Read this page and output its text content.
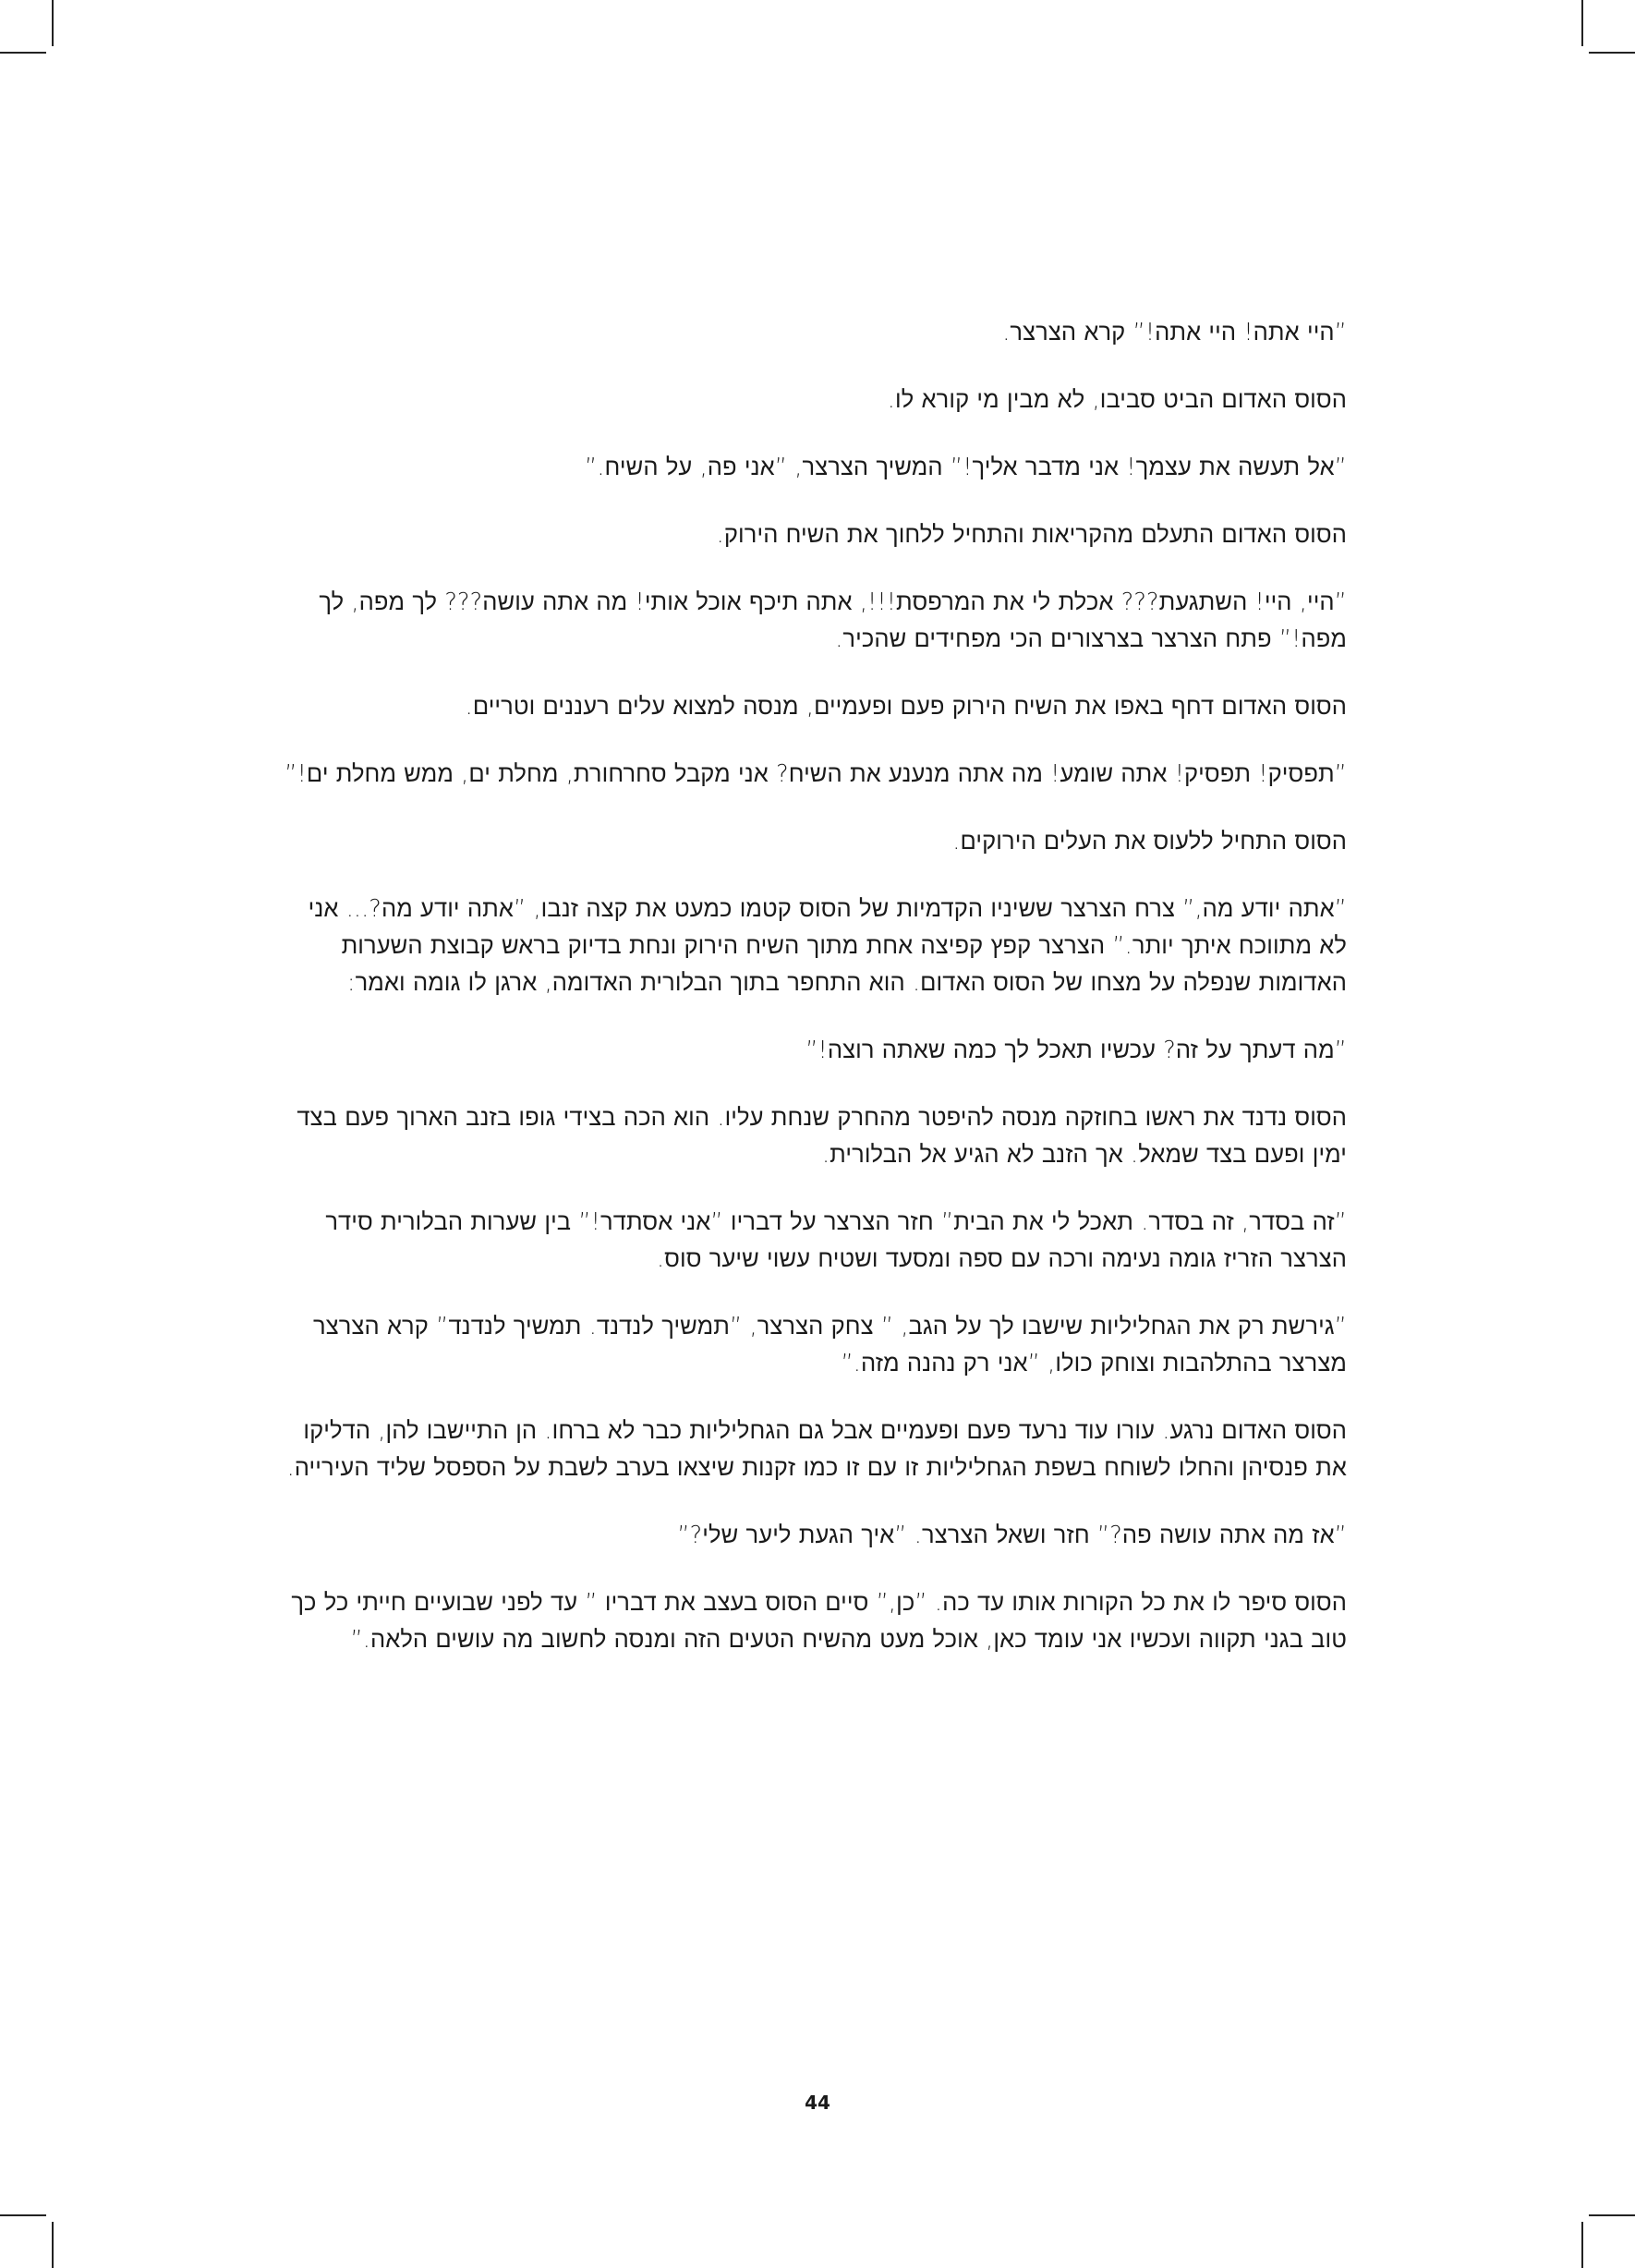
”היי אתה! היי אתה!” קרא הצרצר.

הסוס האדום הביט סביבו, לא מבין מי קורא לו.

”אל תעשה את עצמך! אני מדבר אליך!” המשיך הצרצר, ”אני פה, על השיח.”

הסוס האדום התעלם מהקריאות והתחיל ללחוך את השיח הירוק.

”היי, היי! השתגעת??? אכלת לי את המרפסת!!!, אתה תיכף אוכל אותי! מה אתה עושה??? לך מפה, לך מפה!” פתח הצרצר בצרצורים הכי מפחידים שהכיר.

הסוס האדום דחף באפו את השיח הירוק פעם ופעמיים, מנסה למצוא עלים רעננים וטריים.

”תפסיק! תפסיק! אתה שומע! מה אתה מנענע את השיח? אני מקבל סחרחורת, מחלת ים, ממש מחלת ים!”

הסוס התחיל ללעוס את העלים הירוקים.

”אתה יודע מה,” צרח הצרצר ששיניו הקדמיות של הסוס קטמו כמעט את קצה זנבו, ”אתה יודע מה?... אני לא מתווכח איתך יותר.” הצרצר קפץ קפיצה אחת מתוך השיח הירוק ונחת בדיוק בראש קבוצת השערות האדומות שנפלה על מצחו של הסוס האדום. הוא התחפר בתוך הבלורית האדומה, ארגן לו גומה ואמר:

”מה דעתך על זה? עכשיו תאכל לך כמה שאתה רוצה!”

הסוס נדנד את ראשו בחוזקה מנסה להיפטר מהחרק שנחת עליו. הוא הכה בצידי גופו בזנב הארוך פעם בצד ימין ופעם בצד שמאל. אך הזנב לא הגיע אל הבלורית.

”זה בסדר, זה בסדר. תאכל לי את הבית” חזר הצרצר על דבריו ”אני אסתדר!” בין שערות הבלורית סידר הצרצר הזריז גומה נעימה ורכה עם ספה ומסעד ושטיח עשוי שיער סוס.

”גירשת רק את הגחליליות שישבו לך על הגב, ” צחק הצרצר, ”תמשיך לנדנד. תמשיך לנדנד” קרא הצרצר מצרצר בהתלהבות וצוחק כולו, ”אני רק נהנה מזה.”

הסוס האדום נרגע. עורו עוד נרעד פעם ופעמיים אבל גם הגחליליות כבר לא ברחו. הן התיישבו להן, הדליקו את פנסיהן והחלו לשוחח בשפת הגחליליות זו עם זו כמו זקנות שיצאו בערב לשבת על הספסל שליד העירייה.

”אז מה אתה עושה פה?” חזר ושאל הצרצר. ”איך הגעת ליער שלי?”

הסוס סיפר לו את כל הקורות אותו עד כה. ”כן,” סיים הסוס בעצב את דבריו ” עד לפני שבועיים חייתי כל כך טוב בגני תקווה ועכשיו אני עומד כאן, אוכל מעט מהשיח הטעים הזה ומנסה לחשוב מה עושים הלאה.”

44
